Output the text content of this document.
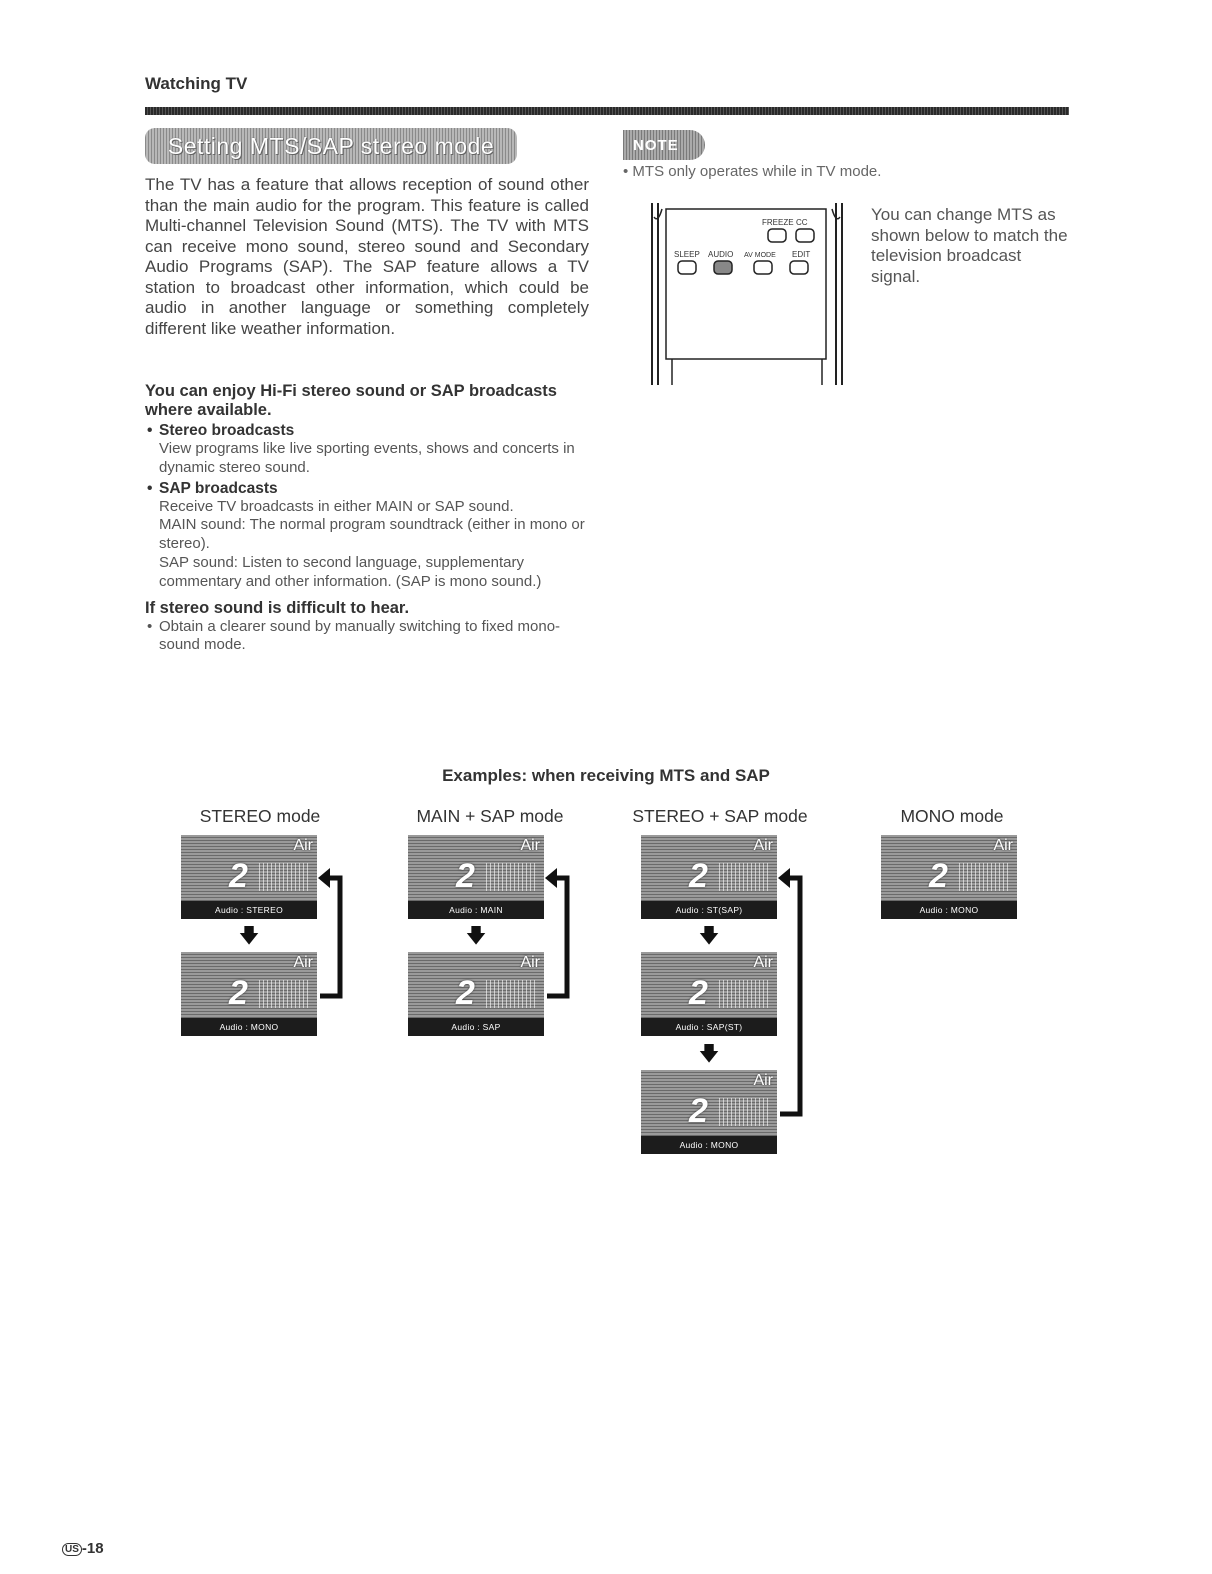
Watching TV
Setting MTS/SAP stereo mode
The TV has a feature that allows reception of sound other than the main audio for the program. This feature is called Multi-channel Television Sound (MTS). The TV with MTS can receive mono sound, stereo sound and Secondary Audio Programs (SAP). The SAP feature allows a TV station to broadcast other information, which could be audio in another language or something completely different like weather information.
You can enjoy Hi-Fi stereo sound or SAP broadcasts where available.
• Stereo broadcasts
View programs like live sporting events, shows and concerts in dynamic stereo sound.
• SAP broadcasts
Receive TV broadcasts in either MAIN or SAP sound.
MAIN sound: The normal program soundtrack (either in mono or stereo).
SAP sound: Listen to second language, supplementary commentary and other information. (SAP is mono sound.)
If stereo sound is difficult to hear.
• Obtain a clearer sound by manually switching to fixed mono-sound mode.
NOTE
• MTS only operates while in TV mode.
FREEZE CC
SLEEP AUDIO AV MODE EDIT
You can change MTS as shown below to match the television broadcast signal.
Examples: when receiving MTS and SAP
STEREO mode
Air
2
Audio : STEREO
🡇
Air
2
Audio : MONO
MAIN + SAP mode
Air
2
Audio : MAIN
🡇
Air
2
Audio : SAP
STEREO + SAP mode
Air
2
Audio : ST(SAP)
🡇
Air
2
Audio : SAP(ST)
🡇
Air
2
Audio : MONO
MONO mode
Air
2
Audio : MONO
US -18
